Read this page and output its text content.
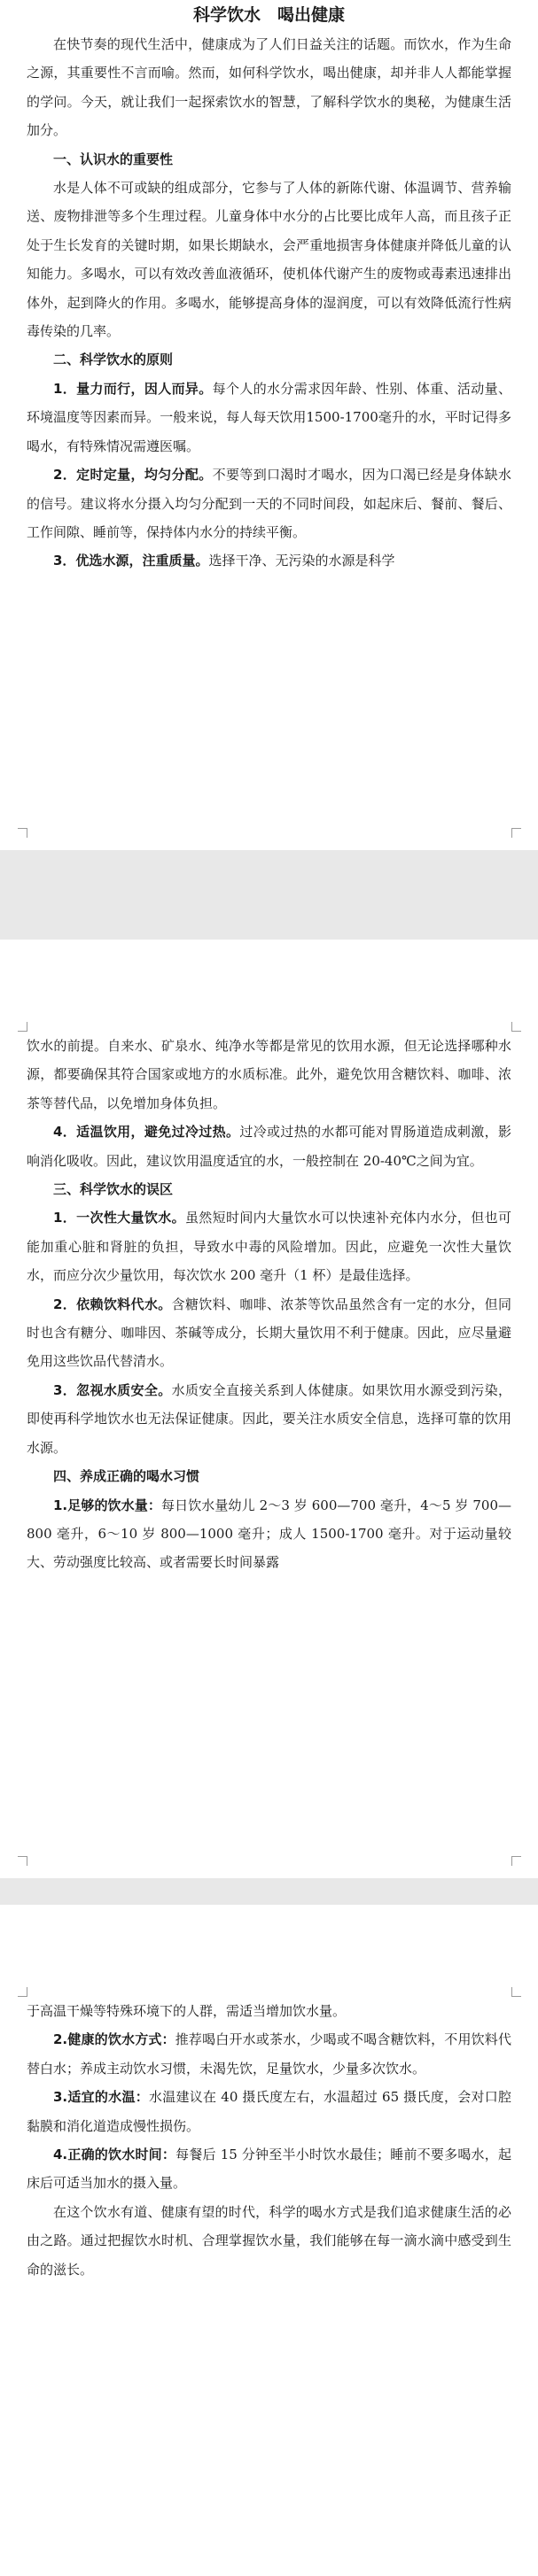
科学饮水　喝出健康

在快节奏的现代生活中，健康成为了人们日益关注的话题。而饮水，作为生命之源，其重要性不言而喻。然而，如何科学饮水，喝出健康，却并非人人都能掌握的学问。今天，就让我们一起探索饮水的智慧，了解科学饮水的奥秘，为健康生活加分。

一、认识水的重要性

水是人体不可或缺的组成部分，它参与了人体的新陈代谢、体温调节、营养输送、废物排泄等多个生理过程。儿童身体中水分的占比要比成年人高，而且孩子正处于生长发育的关键时期，如果长期缺水，会严重地损害身体健康并降低儿童的认知能力。多喝水，可以有效改善血液循环，使机体代谢产生的废物或毒素迅速排出体外，起到降火的作用。多喝水，能够提高身体的湿润度，可以有效降低流行性病毒传染的几率。

二、科学饮水的原则

1．量力而行，因人而异。每个人的水分需求因年龄、性别、体重、活动量、环境温度等因素而异。一般来说，每人每天饮用1500-1700毫升的水，平时记得多喝水，有特殊情况需遵医嘱。

2．定时定量，均匀分配。不要等到口渴时才喝水，因为口渴已经是身体缺水的信号。建议将水分摄入均匀分配到一天的不同时间段，如起床后、餐前、餐后、工作间隙、睡前等，保持体内水分的持续平衡。

3．优选水源，注重质量。选择干净、无污染的水源是科学

饮水的前提。自来水、矿泉水、纯净水等都是常见的饮用水源，但无论选择哪种水源，都要确保其符合国家或地方的水质标准。此外，避免饮用含糖饮料、咖啡、浓茶等替代品，以免增加身体负担。

4．适温饮用，避免过冷过热。过冷或过热的水都可能对胃肠道造成刺激，影响消化吸收。因此，建议饮用温度适宜的水，一般控制在 20-40℃之间为宜。

三、科学饮水的误区

1．一次性大量饮水。虽然短时间内大量饮水可以快速补充体内水分，但也可能加重心脏和肾脏的负担，导致水中毒的风险增加。因此，应避免一次性大量饮水，而应分次少量饮用，每次饮水 200 毫升（1 杯）是最佳选择。

2．依赖饮料代水。含糖饮料、咖啡、浓茶等饮品虽然含有一定的水分，但同时也含有糖分、咖啡因、茶碱等成分，长期大量饮用不利于健康。因此，应尽量避免用这些饮品代替清水。

3．忽视水质安全。水质安全直接关系到人体健康。如果饮用水源受到污染，即使再科学地饮水也无法保证健康。因此，要关注水质安全信息，选择可靠的饮用水源。

四、养成正确的喝水习惯

1.足够的饮水量：每日饮水量幼儿 2～3 岁 600—700 毫升，4～5 岁 700—800 毫升，6～10 岁 800—1000 毫升；成人 1500-1700 毫升。对于运动量较大、劳动强度比较高、或者需要长时间暴露

于高温干燥等特殊环境下的人群，需适当增加饮水量。

2.健康的饮水方式：推荐喝白开水或茶水，少喝或不喝含糖饮料，不用饮料代替白水；养成主动饮水习惯，未渴先饮，足量饮水，少量多次饮水。

3.适宜的水温：水温建议在 40 摄氏度左右，水温超过 65 摄氏度，会对口腔黏膜和消化道造成慢性损伤。

4.正确的饮水时间：每餐后 15 分钟至半小时饮水最佳；睡前不要多喝水，起床后可适当加水的摄入量。

在这个饮水有道、健康有望的时代，科学的喝水方式是我们追求健康生活的必由之路。通过把握饮水时机、合理掌握饮水量，我们能够在每一滴水滴中感受到生命的滋长。
